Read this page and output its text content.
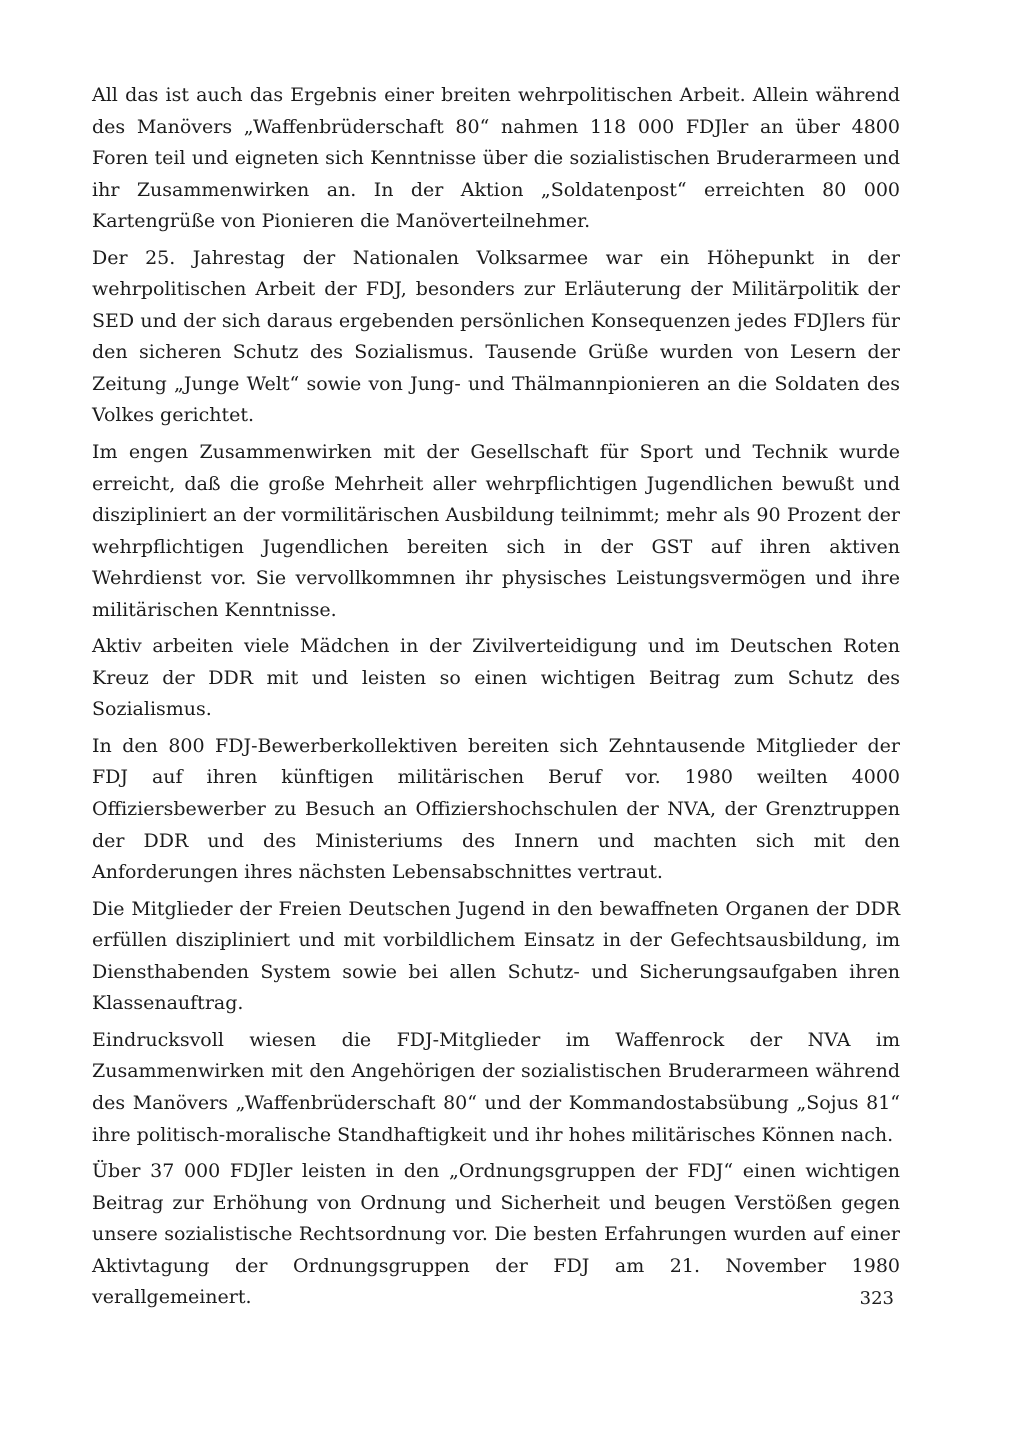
All das ist auch das Ergebnis einer breiten wehrpolitischen Arbeit. Allein während des Manövers „Waffenbrüderschaft 80“ nahmen 118 000 FDJler an über 4800 Foren teil und eigneten sich Kenntnisse über die sozialistischen Bruderarmeen und ihr Zusammenwirken an. In der Aktion „Soldatenpost“ erreichten 80 000 Kartengrüße von Pionieren die Manöverteilnehmer.

Der 25. Jahrestag der Nationalen Volksarmee war ein Höhepunkt in der wehrpolitischen Arbeit der FDJ, besonders zur Erläuterung der Militärpolitik der SED und der sich daraus ergebenden persönlichen Konsequenzen jedes FDJlers für den sicheren Schutz des Sozialismus. Tausende Grüße wurden von Lesern der Zeitung „Junge Welt“ sowie von Jung- und Thälmannpionieren an die Soldaten des Volkes gerichtet.

Im engen Zusammenwirken mit der Gesellschaft für Sport und Technik wurde erreicht, daß die große Mehrheit aller wehrpflichtigen Jugendlichen bewußt und diszipliniert an der vormilitärischen Ausbildung teilnimmt; mehr als 90 Prozent der wehrpflichtigen Jugendlichen bereiten sich in der GST auf ihren aktiven Wehrdienst vor. Sie vervollkommnen ihr physisches Leistungsvermögen und ihre militärischen Kenntnisse.

Aktiv arbeiten viele Mädchen in der Zivilverteidigung und im Deutschen Roten Kreuz der DDR mit und leisten so einen wichtigen Beitrag zum Schutz des Sozialismus.

In den 800 FDJ-Bewerberkollektiven bereiten sich Zehntausende Mitglieder der FDJ auf ihren künftigen militärischen Beruf vor. 1980 weilten 4000 Offiziersbewerber zu Besuch an Offiziershochschulen der NVA, der Grenztruppen der DDR und des Ministeriums des Innern und machten sich mit den Anforderungen ihres nächsten Lebensabschnittes vertraut.

Die Mitglieder der Freien Deutschen Jugend in den bewaffneten Organen der DDR erfüllen diszipliniert und mit vorbildlichem Einsatz in der Gefechtsausbildung, im Diensthabenden System sowie bei allen Schutz- und Sicherungsaufgaben ihren Klassenauftrag.

Eindrucksvoll wiesen die FDJ-Mitglieder im Waffenrock der NVA im Zusammenwirken mit den Angehörigen der sozialistischen Bruderarmeen während des Manövers „Waffenbrüderschaft 80“ und der Kommandostabsübung „Sojus 81“ ihre politisch-moralische Standhaftigkeit und ihr hohes militärisches Können nach.

Über 37 000 FDJler leisten in den „Ordnungsgruppen der FDJ“ einen wichtigen Beitrag zur Erhöhung von Ordnung und Sicherheit und beugen Verstößen gegen unsere sozialistische Rechtsordnung vor. Die besten Erfahrungen wurden auf einer Aktivtagung der Ordnungsgruppen der FDJ am 21. November 1980 verallgemeinert.	323
